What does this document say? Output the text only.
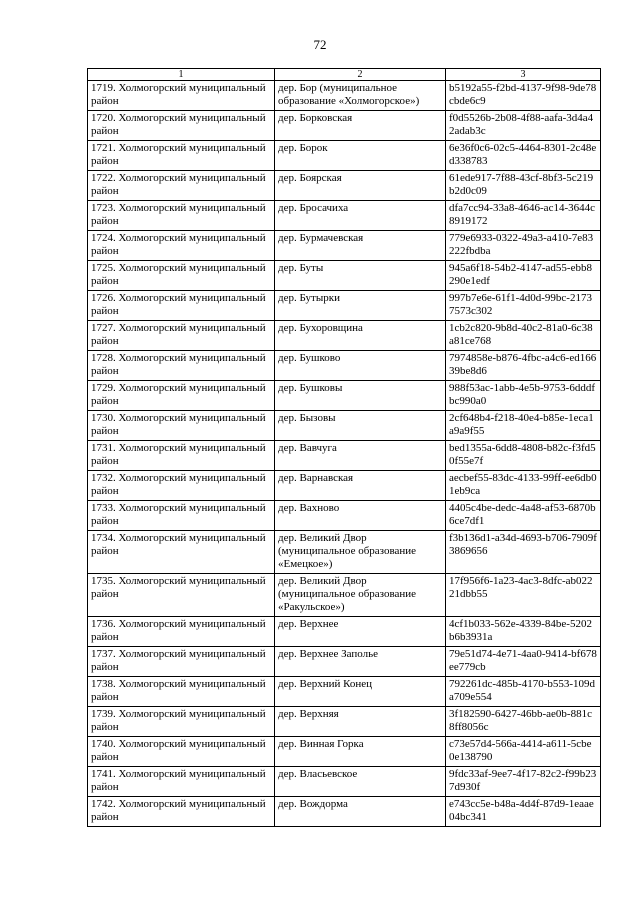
72
1	2	3
1719. Холмогорский муниципальный район	дер. Бор (муниципальное образование «Холмогорское»)	b5192a55-f2bd-4137-9f98-9de78cbde6c9
1720. Холмогорский муниципальный район	дер. Борковская	f0d5526b-2b08-4f88-aafa-3d4a42adab3c
1721. Холмогорский муниципальный район	дер. Борок	6e36f0c6-02c5-4464-8301-2c48ed338783
1722. Холмогорский муниципальный район	дер. Боярская	61ede917-7f88-43cf-8bf3-5c219b2d0c09
1723. Холмогорский муниципальный район	дер. Бросачиха	dfa7cc94-33a8-4646-ac14-3644c8919172
1724. Холмогорский муниципальный район	дер. Бурмачевская	779e6933-0322-49a3-a410-7e83222fbdba
1725. Холмогорский муниципальный район	дер. Буты	945a6f18-54b2-4147-ad55-ebb8290e1edf
1726. Холмогорский муниципальный район	дер. Бутырки	997b7e6e-61f1-4d0d-99bc-21737573c302
1727. Холмогорский муниципальный район	дер. Бухоровщина	1cb2c820-9b8d-40c2-81a0-6c38a81ce768
1728. Холмогорский муниципальный район	дер. Бушково	7974858e-b876-4fbc-a4c6-ed16639be8d6
1729. Холмогорский муниципальный район	дер. Бушковы	988f53ac-1abb-4e5b-9753-6dddfbc990a0
1730. Холмогорский муниципальный район	дер. Бызовы	2cf648b4-f218-40e4-b85e-1eca1a9a9f55
1731. Холмогорский муниципальный район	дер. Вавчуга	bed1355a-6dd8-4808-b82c-f3fd50f55e7f
1732. Холмогорский муниципальный район	дер. Варнавская	aecbef55-83dc-4133-99ff-ee6db01eb9ca
1733. Холмогорский муниципальный район	дер. Вахново	4405c4be-dedc-4a48-af53-6870b6ce7df1
1734. Холмогорский муниципальный район	дер. Великий Двор (муниципальное образование «Емецкое»)	f3b136d1-a34d-4693-b706-7909f3869656
1735. Холмогорский муниципальный район	дер. Великий Двор (муниципальное образование «Ракульское»)	17f956f6-1a23-4ac3-8dfc-ab02221dbb55
1736. Холмогорский муниципальный район	дер. Верхнее	4cf1b033-562e-4339-84be-5202b6b3931a
1737. Холмогорский муниципальный район	дер. Верхнее Заполье	79e51d74-4e71-4aa0-9414-bf678ee779cb
1738. Холмогорский муниципальный район	дер. Верхний Конец	792261dc-485b-4170-b553-109da709e554
1739. Холмогорский муниципальный район	дер. Верхняя	3f182590-6427-46bb-ae0b-881c8ff8056c
1740. Холмогорский муниципальный район	дер. Винная Горка	c73e57d4-566a-4414-a611-5cbe0e138790
1741. Холмогорский муниципальный район	дер. Власьевское	9fdc33af-9ee7-4f17-82c2-f99b237d930f
1742. Холмогорский муниципальный район	дер. Вождорма	e743cc5e-b48a-4d4f-87d9-1eaae04bc341
